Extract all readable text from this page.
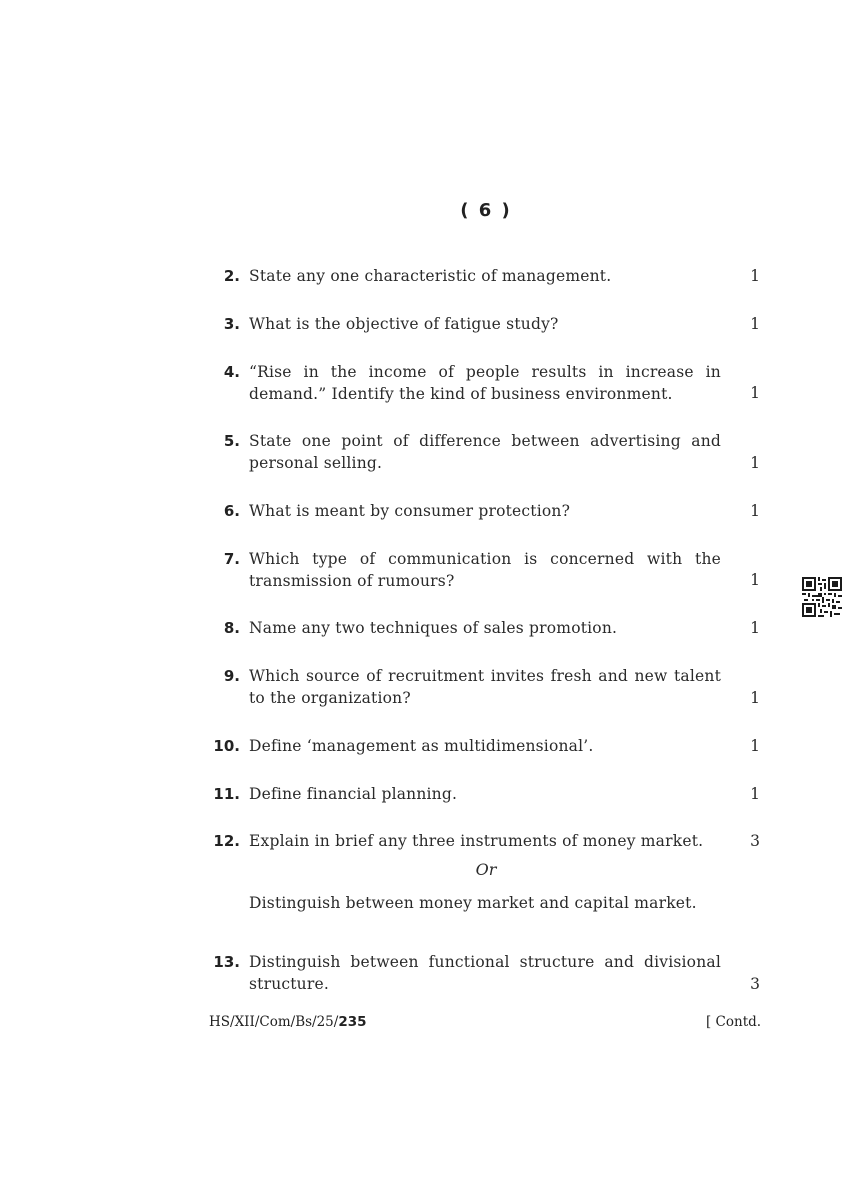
( 6 )
2. State any one characteristic of management.	1
3. What is the objective of fatigue study?	1
4. “Rise in the income of people results in increase in demand.” Identify the kind of business environment.	1
5. State one point of difference between advertising and personal selling.	1
6. What is meant by consumer protection?	1
7. Which type of communication is concerned with the transmission of rumours?	1
8. Name any two techniques of sales promotion.	1
9. Which source of recruitment invites fresh and new talent to the organization?	1
10. Define ‘management as multidimensional’.	1
11. Define financial planning.	1
12. Explain in brief any three instruments of money market.	3
Or
Distinguish between money market and capital market.
13. Distinguish between functional structure and divisional structure.	3
HS/XII/Com/Bs/25/235	[ Contd.
